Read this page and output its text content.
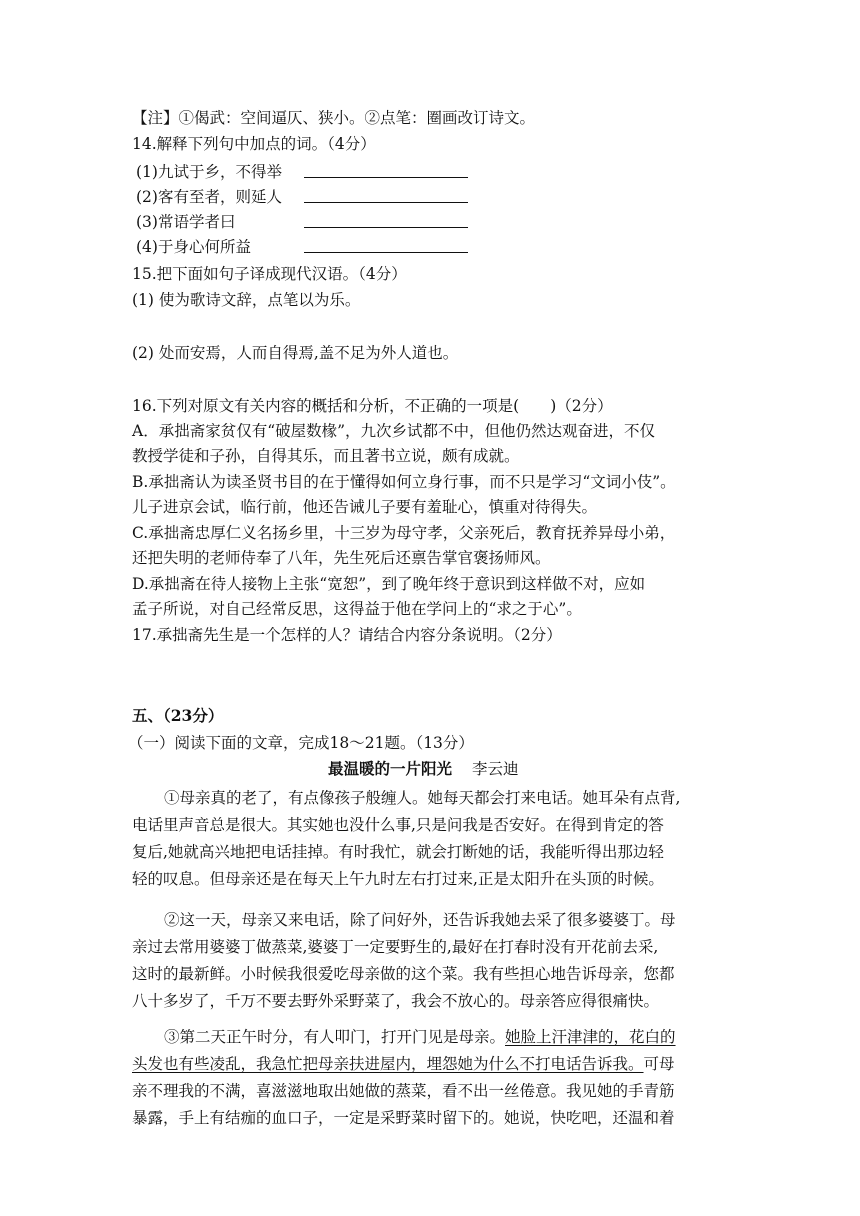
【注】①偈武：空间逼仄、狭小。②点笔：圈画改订诗文。
14.解释下列句中加点的词。（4分）
(1)九试于乡，不得举
(2)客有至者，则延人
(3)常语学者曰
(4)于身心何所益
15.把下面如句子译成现代汉语。（4分）
(1) 使为歌诗文辞，点笔以为乐。
(2) 处而安焉，人而自得焉,盖不足为外人道也。
16.下列对原文有关内容的概括和分析，不正确的一项是(　　)（2分）
A．承拙斋家贫仅有“破屋数椽”，九次乡试都不中，但他仍然达观奋进，不仅
教授学徒和子孙，自得其乐，而且著书立说，颇有成就。
B.承拙斋认为读圣贤书目的在于懂得如何立身行事，而不只是学习“文词小伎”。
儿子进京会试，临行前，他还告诫儿子要有羞耻心，慎重对待得失。
C.承拙斋忠厚仁义名扬乡里，十三岁为母守孝，父亲死后，教育抚养异母小弟，
还把失明的老师侍奉了八年，先生死后还禀告掌官褒扬师风。
D.承拙斋在待人接物上主张“宽恕”，到了晚年终于意识到这样做不对，应如
孟子所说，对自己经常反思，这得益于他在学问上的“求之于心”。
17.承拙斋先生是一个怎样的人？请结合内容分条说明。（2分）
五、（23分）
（一）阅读下面的文章，完成18～21题。（13分）
最温暖的一片阳光 李云迪
①母亲真的老了，有点像孩子般缠人。她每天都会打来电话。她耳朵有点背,
电话里声音总是很大。其实她也没什么事,只是问我是否安好。在得到肯定的答
复后,她就高兴地把电话挂掉。有时我忙，就会打断她的话，我能听得出那边轻
轻的叹息。但母亲还是在每天上午九时左右打过来,正是太阳升在头顶的时候。
②这一天，母亲又来电话，除了问好外，还告诉我她去采了很多婆婆丁。母
亲过去常用婆婆丁做蒸菜,婆婆丁一定要野生的,最好在打春时没有开花前去采,
这时的最新鲜。小时候我很爱吃母亲做的这个菜。我有些担心地告诉母亲，您都
八十多岁了，千万不要去野外采野菜了，我会不放心的。母亲答应得很痛快。
③第二天正午时分，有人叩门，打开门见是母亲。她脸上汗津津的，花白的
头发也有些凌乱，我急忙把母亲扶进屋内，埋怨她为什么不打电话告诉我。可母
亲不理我的不满，喜滋滋地取出她做的蒸菜，看不出一丝倦意。我见她的手青筋
暴露，手上有结痂的血口子，一定是采野菜时留下的。她说，快吃吧，还温和着
